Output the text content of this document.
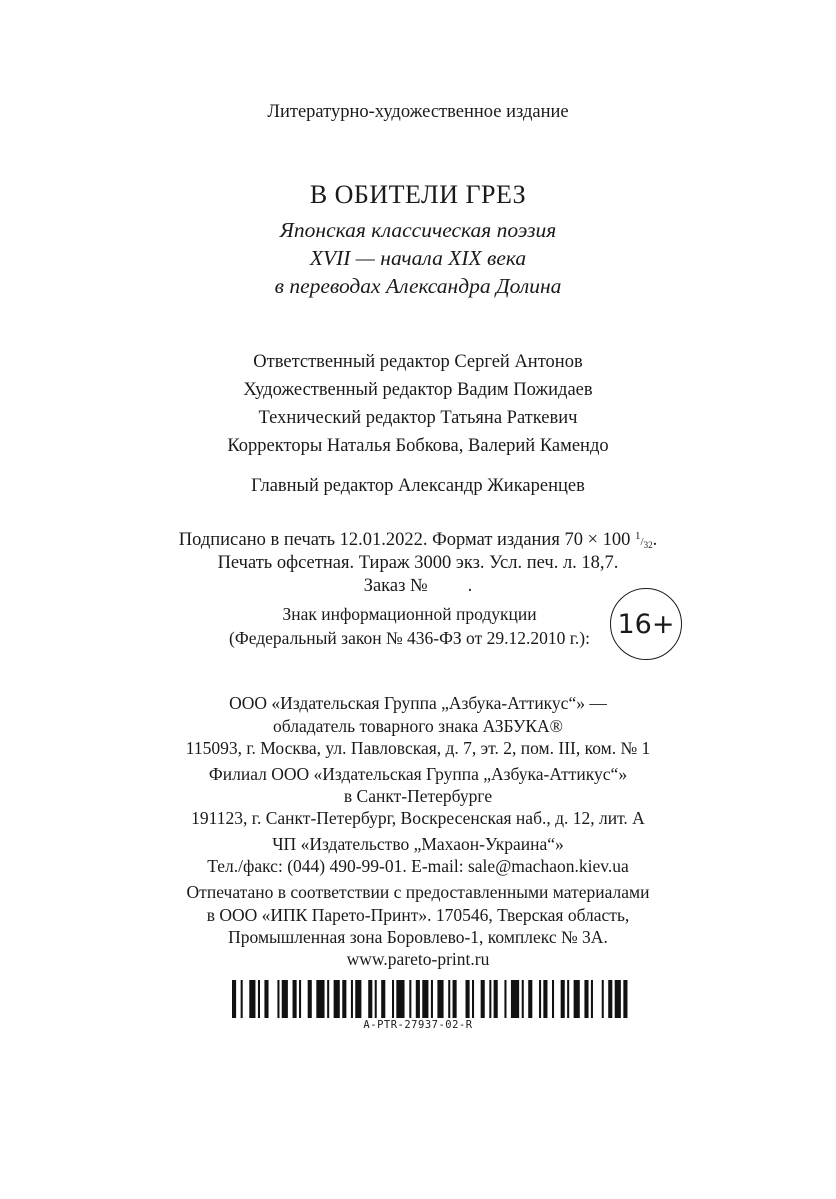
Литературно-художественное издание
В ОБИТЕЛИ ГРЕЗ
Японская классическая поэзия
XVII — начала XIX века
в переводах Александра Долина
Ответственный редактор Сергей Антонов
Художественный редактор Вадим Пожидаев
Технический редактор Татьяна Раткевич
Корректоры Наталья Бобкова, Валерий Камендо
Главный редактор Александр Жикаренцев
Подписано в печать 12.01.2022. Формат издания 70 × 100 $1/_{32}$.
Печать офсетная. Тираж 3000 экз. Усл. печ. л. 18,7.
Заказ № .
Знак информационной продукции
(Федеральный закон № 436-ФЗ от 29.12.2010 г.): 16+
ООО «Издательская Группа „Азбука-Аттикус“» —
обладатель товарного знака АЗБУКА®
115093, г. Москва, ул. Павловская, д. 7, эт. 2, пом. III, ком. № 1
Филиал ООО «Издательская Группа „Азбука-Аттикус“»
в Санкт-Петербурге
191123, г. Санкт-Петербург, Воскресенская наб., д. 12, лит. А
ЧП «Издательство „Махаон-Украина“»
Тел./факс: (044) 490-99-01. E-mail: sale@machaon.kiev.ua
Отпечатано в соответствии с предоставленными материалами
в ООО «ИПК Парето-Принт». 170546, Тверская область,
Промышленная зона Боровлево-1, комплекс № 3А.
www.pareto-print.ru
A-PTR-27937-02-R
